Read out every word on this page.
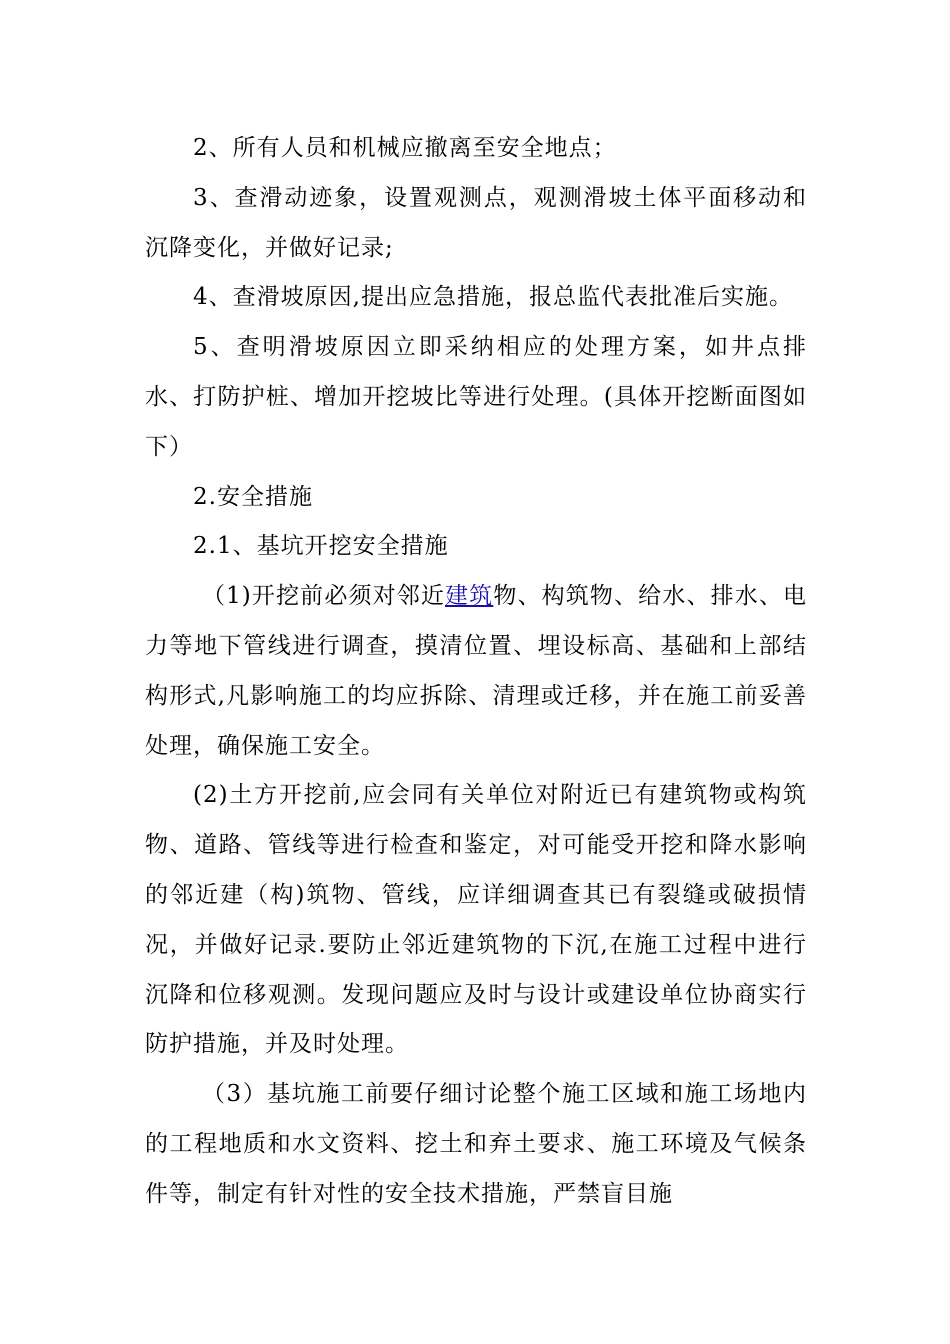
2、所有人员和机械应撤离至安全地点；

3、查滑动迹象，设置观测点，观测滑坡土体平面移动和沉降变化，并做好记录;

4、查滑坡原因,提出应急措施，报总监代表批准后实施。

5、查明滑坡原因立即采纳相应的处理方案，如井点排水、打防护桩、增加开挖坡比等进行处理。(具体开挖断面图如下）

2.安全措施

2.1、基坑开挖安全措施

（1)开挖前必须对邻近建筑物、构筑物、给水、排水、电力等地下管线进行调查，摸清位置、埋设标高、基础和上部结构形式,凡影响施工的均应拆除、清理或迁移，并在施工前妥善处理，确保施工安全。

(2)土方开挖前,应会同有关单位对附近已有建筑物或构筑物、道路、管线等进行检查和鉴定，对可能受开挖和降水影响的邻近建（构)筑物、管线，应详细调查其已有裂缝或破损情况，并做好记录.要防止邻近建筑物的下沉,在施工过程中进行沉降和位移观测。发现问题应及时与设计或建设单位协商实行防护措施，并及时处理。

（3）基坑施工前要仔细讨论整个施工区域和施工场地内的工程地质和水文资料、挖土和弃土要求、施工环境及气候条件等，制定有针对性的安全技术措施，严禁盲目施
